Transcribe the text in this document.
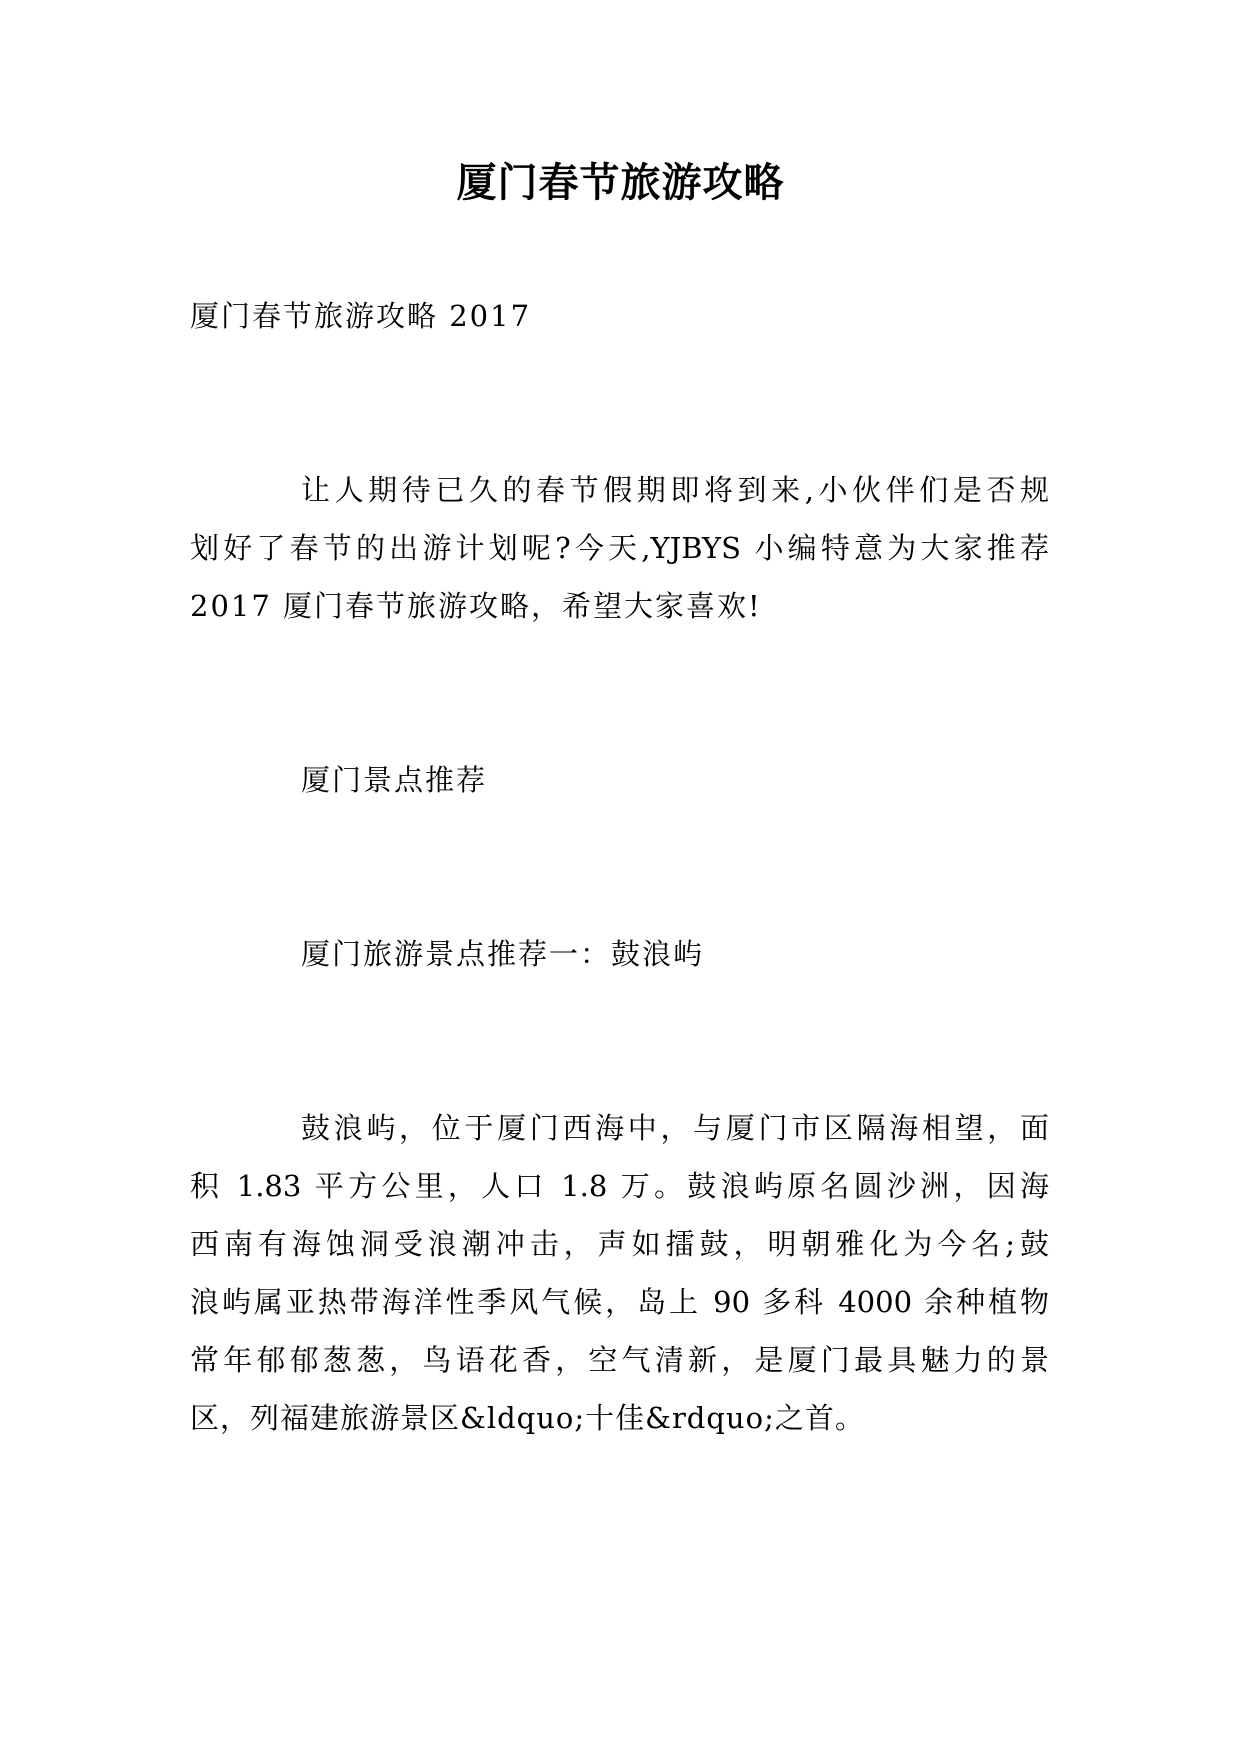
厦门春节旅游攻略
厦门春节旅游攻略 2017
让人期待已久的春节假期即将到来,小伙伴们是否规
划好了春节的出游计划呢?今天,YJBYS 小编特意为大家推荐
2017 厦门春节旅游攻略，希望大家喜欢!
厦门景点推荐
厦门旅游景点推荐一：鼓浪屿
鼓浪屿，位于厦门西海中，与厦门市区隔海相望，面
积 1.83 平方公里，人口 1.8 万。鼓浪屿原名圆沙洲，因海
西南有海蚀洞受浪潮冲击，声如擂鼓，明朝雅化为今名;鼓
浪屿属亚热带海洋性季风气候，岛上 90 多科 4000 余种植物
常年郁郁葱葱，鸟语花香，空气清新，是厦门最具魅力的景
区，列福建旅游景区&ldquo;十佳&rdquo;之首。
